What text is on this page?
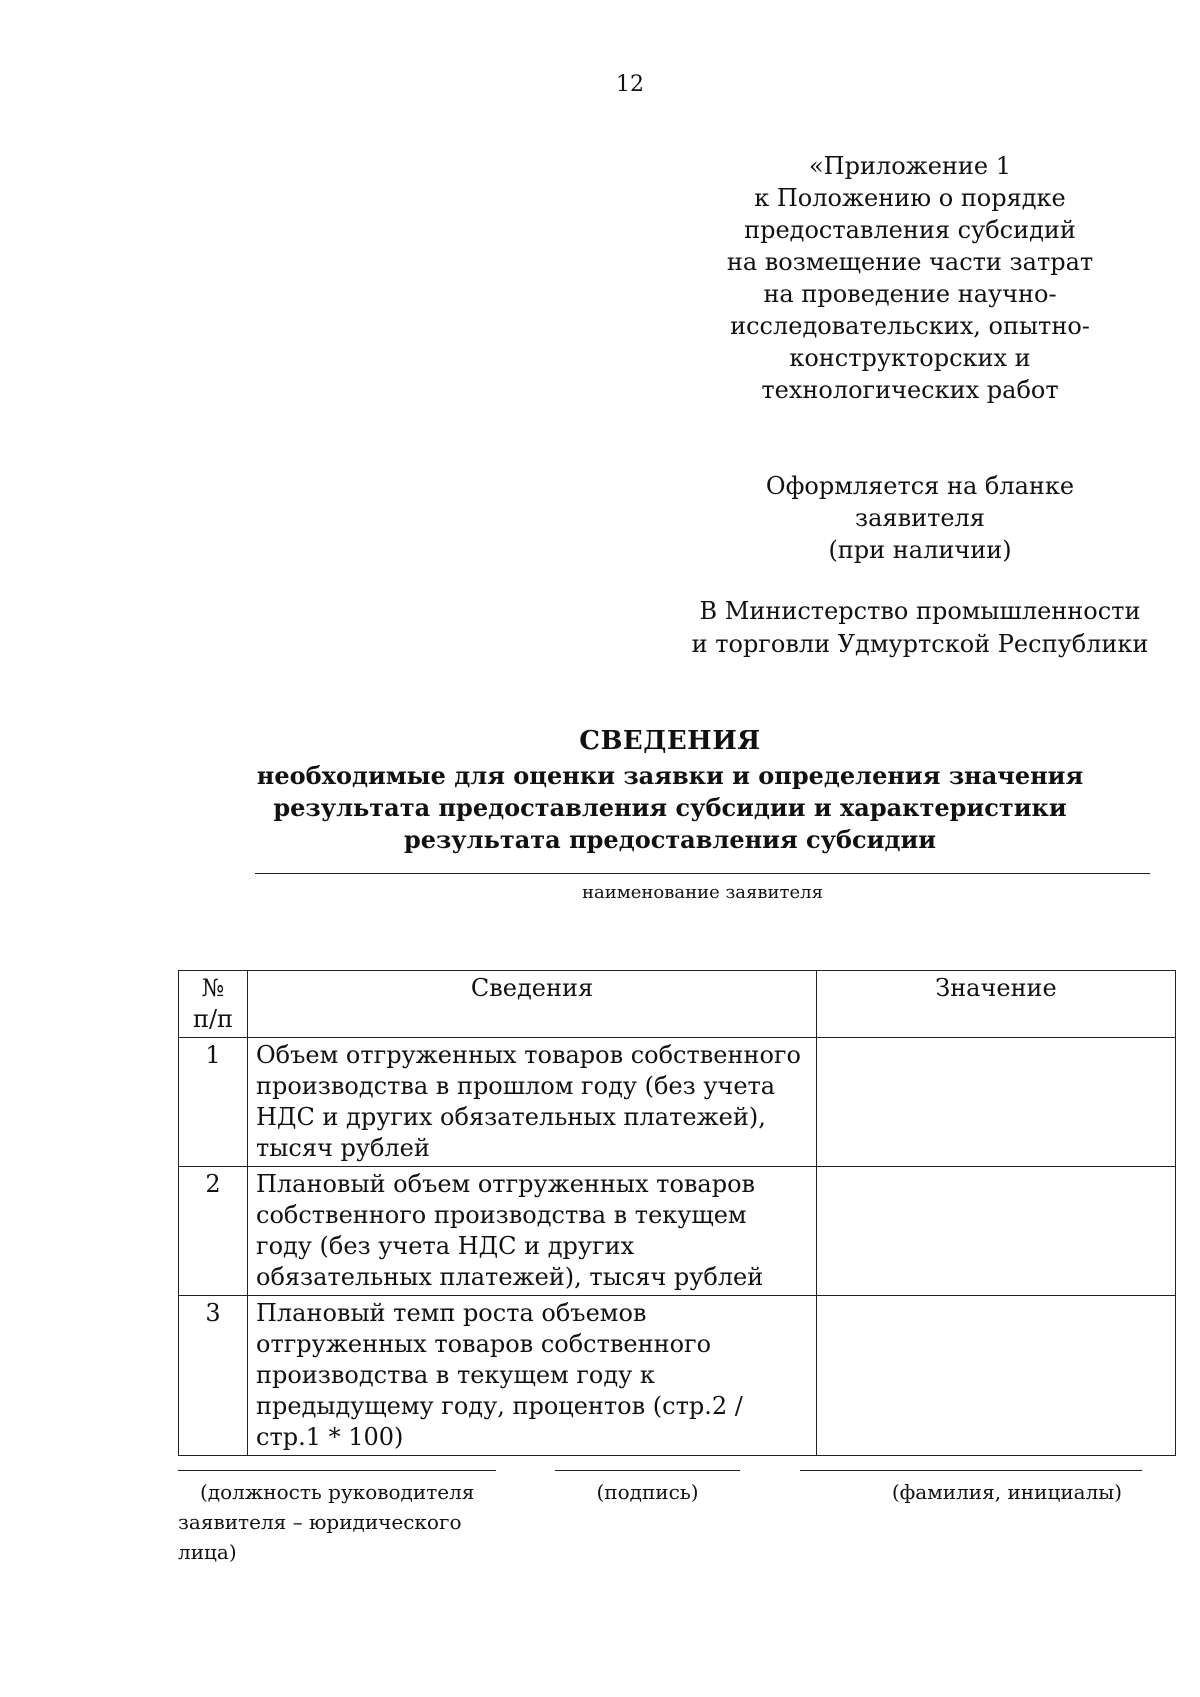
12
«Приложение 1
к Положению о порядке
предоставления субсидий
на возмещение части затрат
на проведение научно-
исследовательских, опытно-
конструкторских и
технологических работ
Оформляется на бланке заявителя
(при наличии)
В Министерство промышленности
и торговли Удмуртской Республики
СВЕДЕНИЯ
необходимые для оценки заявки и определения значения
результата предоставления субсидии и характеристики
результата предоставления субсидии
наименование заявителя
№
п/п	Сведения	Значение
1	Объем отгруженных товаров собственного производства в прошлом году (без учета НДС и других обязательных платежей), тысяч рублей	
2	Плановый объем отгруженных товаров собственного производства в текущем году (без учета НДС и других обязательных платежей), тысяч рублей	
3	Плановый темп роста объемов отгруженных товаров собственного производства в текущем году к предыдущему году, процентов (стр.2 / стр.1 * 100)	
(должность руководителя
заявителя – юридического лица)
(подпись)	(фамилия, инициалы)
